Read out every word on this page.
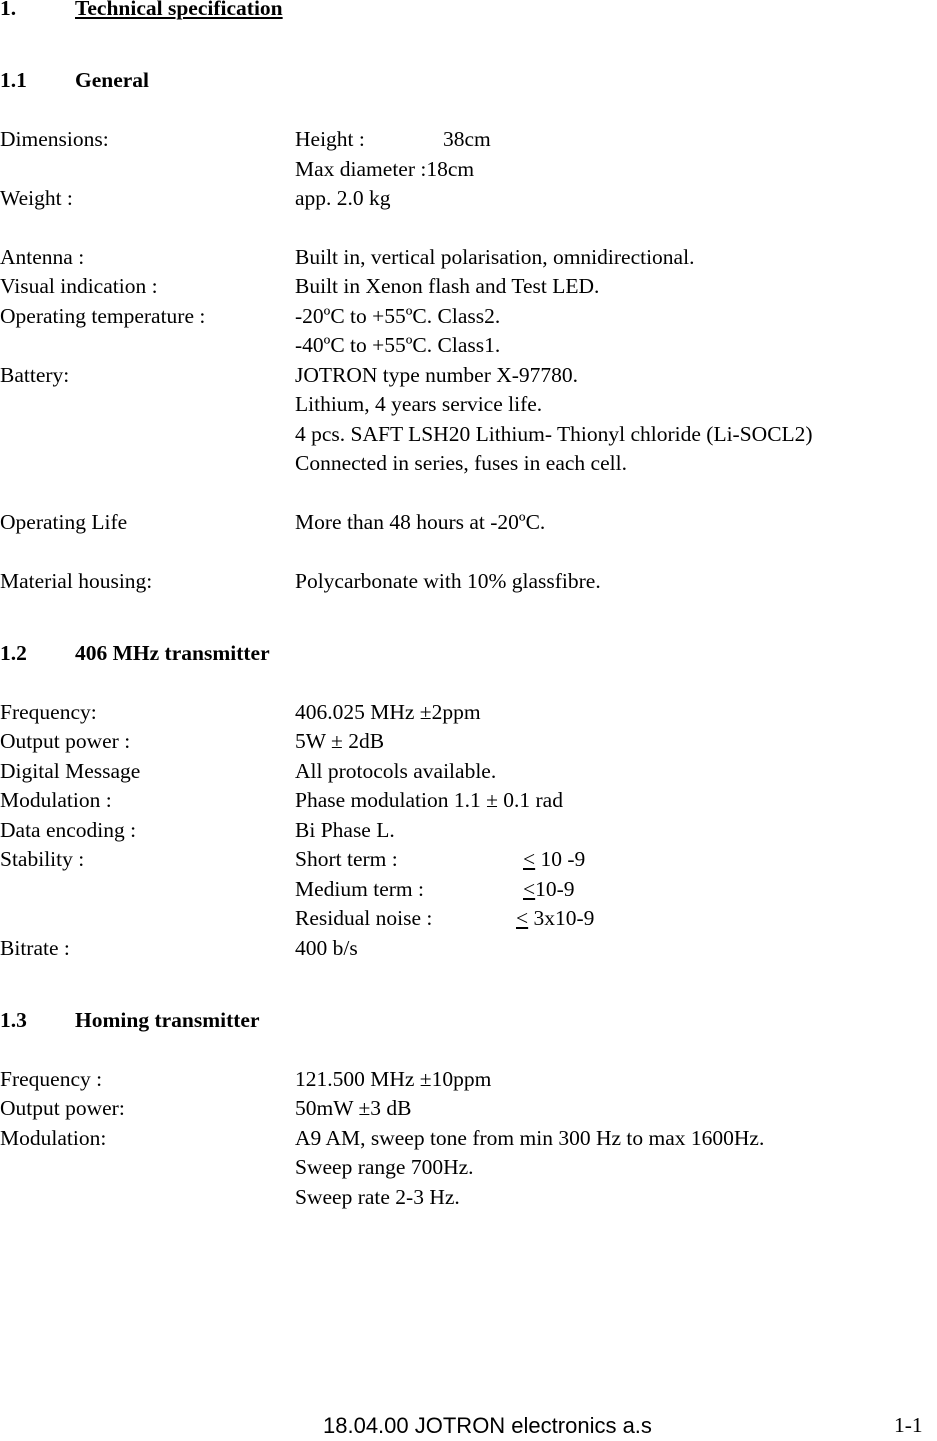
1.	Technical specification
1.1 General
Dimensions:	Height :	38cm
Max diameter :18cm
Weight :	app. 2.0 kg
Antenna :	Built in, vertical polarisation, omnidirectional.
Visual indication :	Built in Xenon flash and Test LED.
Operating temperature :	-20ºC to +55ºC. Class2.
-40ºC to +55ºC. Class1.
Battery:	JOTRON type number X-97780.
Lithium, 4 years service life.
4 pcs. SAFT LSH20 Lithium- Thionyl chloride (Li-SOCL2)
Connected in series, fuses in each cell.
Operating Life	More than 48 hours at -20ºC.
Material housing:	Polycarbonate with 10% glassfibre.
1.2 406 MHz transmitter
Frequency:	406.025 MHz ±2ppm
Output power :	5W ± 2dB
Digital Message	All protocols available.
Modulation :	Phase modulation 1.1 ± 0.1 rad
Data encoding :	Bi Phase L.
Stability :	Short term :	< 10 -9
Medium term :	<10-9
Residual noise :	< 3x10-9
Bitrate :	400 b/s
1.3 Homing transmitter
Frequency :	121.500 MHz ±10ppm
Output power:	50mW ±3 dB
Modulation:	A9 AM, sweep tone from min 300 Hz to max 1600Hz.
Sweep range 700Hz.
Sweep rate 2-3 Hz.
18.04.00 JOTRON electronics a.s	1-1
